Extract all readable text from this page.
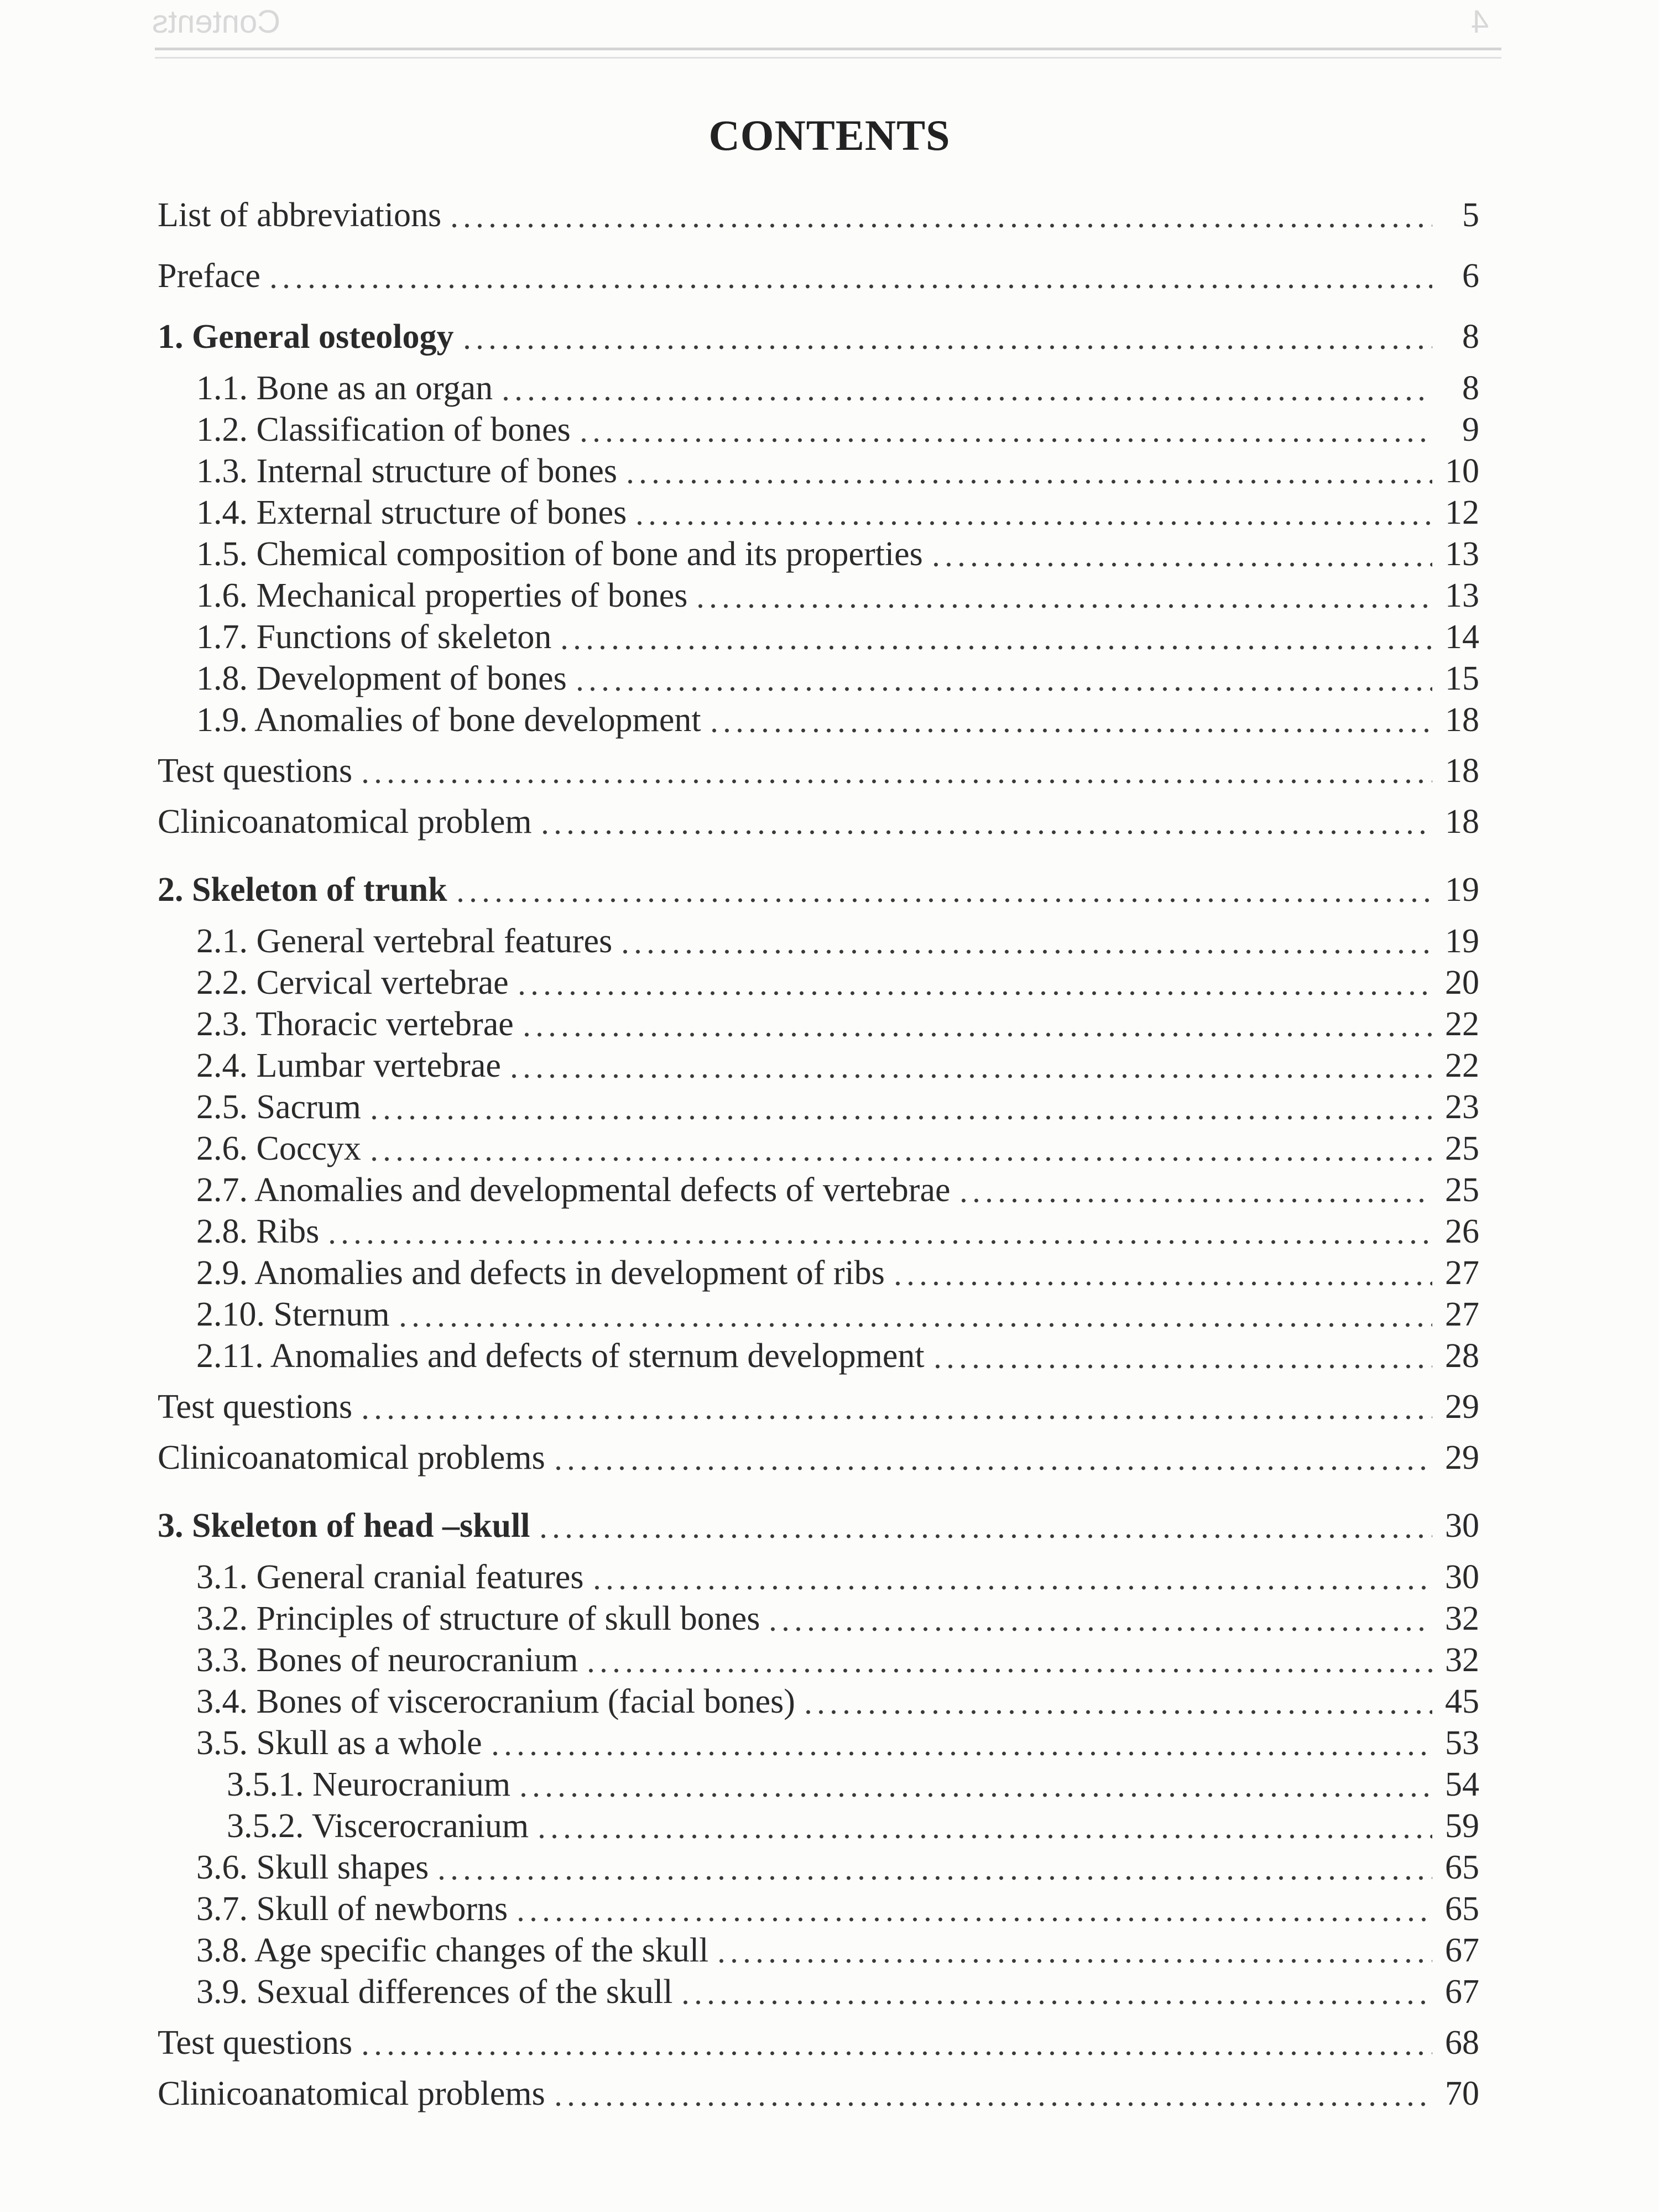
Contents	4
CONTENTS
List of abbreviations	5
Preface	6
1. General osteology	8
1.1. Bone as an organ	8
1.2. Classification of bones	9
1.3. Internal structure of bones	10
1.4. External structure of bones	12
1.5. Chemical composition of bone and its properties	13
1.6. Mechanical properties of bones	13
1.7. Functions of skeleton	14
1.8. Development of bones	15
1.9. Anomalies of bone development	18
Test questions	18
Clinicoanatomical problem	18
2. Skeleton of trunk	19
2.1. General vertebral features	19
2.2. Cervical vertebrae	20
2.3. Thoracic vertebrae	22
2.4. Lumbar vertebrae	22
2.5. Sacrum	23
2.6. Coccyx	25
2.7. Anomalies and developmental defects of vertebrae	25
2.8. Ribs	26
2.9. Anomalies and defects in development of ribs	27
2.10. Sternum	27
2.11. Anomalies and defects of sternum development	28
Test questions	29
Clinicoanatomical problems	29
3. Skeleton of head –skull	30
3.1. General cranial features	30
3.2. Principles of structure of skull bones	32
3.3. Bones of neurocranium	32
3.4. Bones of viscerocranium (facial bones)	45
3.5. Skull as a whole	53
3.5.1. Neurocranium	54
3.5.2. Viscerocranium	59
3.6. Skull shapes	65
3.7. Skull of newborns	65
3.8. Age specific changes of the skull	67
3.9. Sexual differences of the skull	67
Test questions	68
Clinicoanatomical problems	70
